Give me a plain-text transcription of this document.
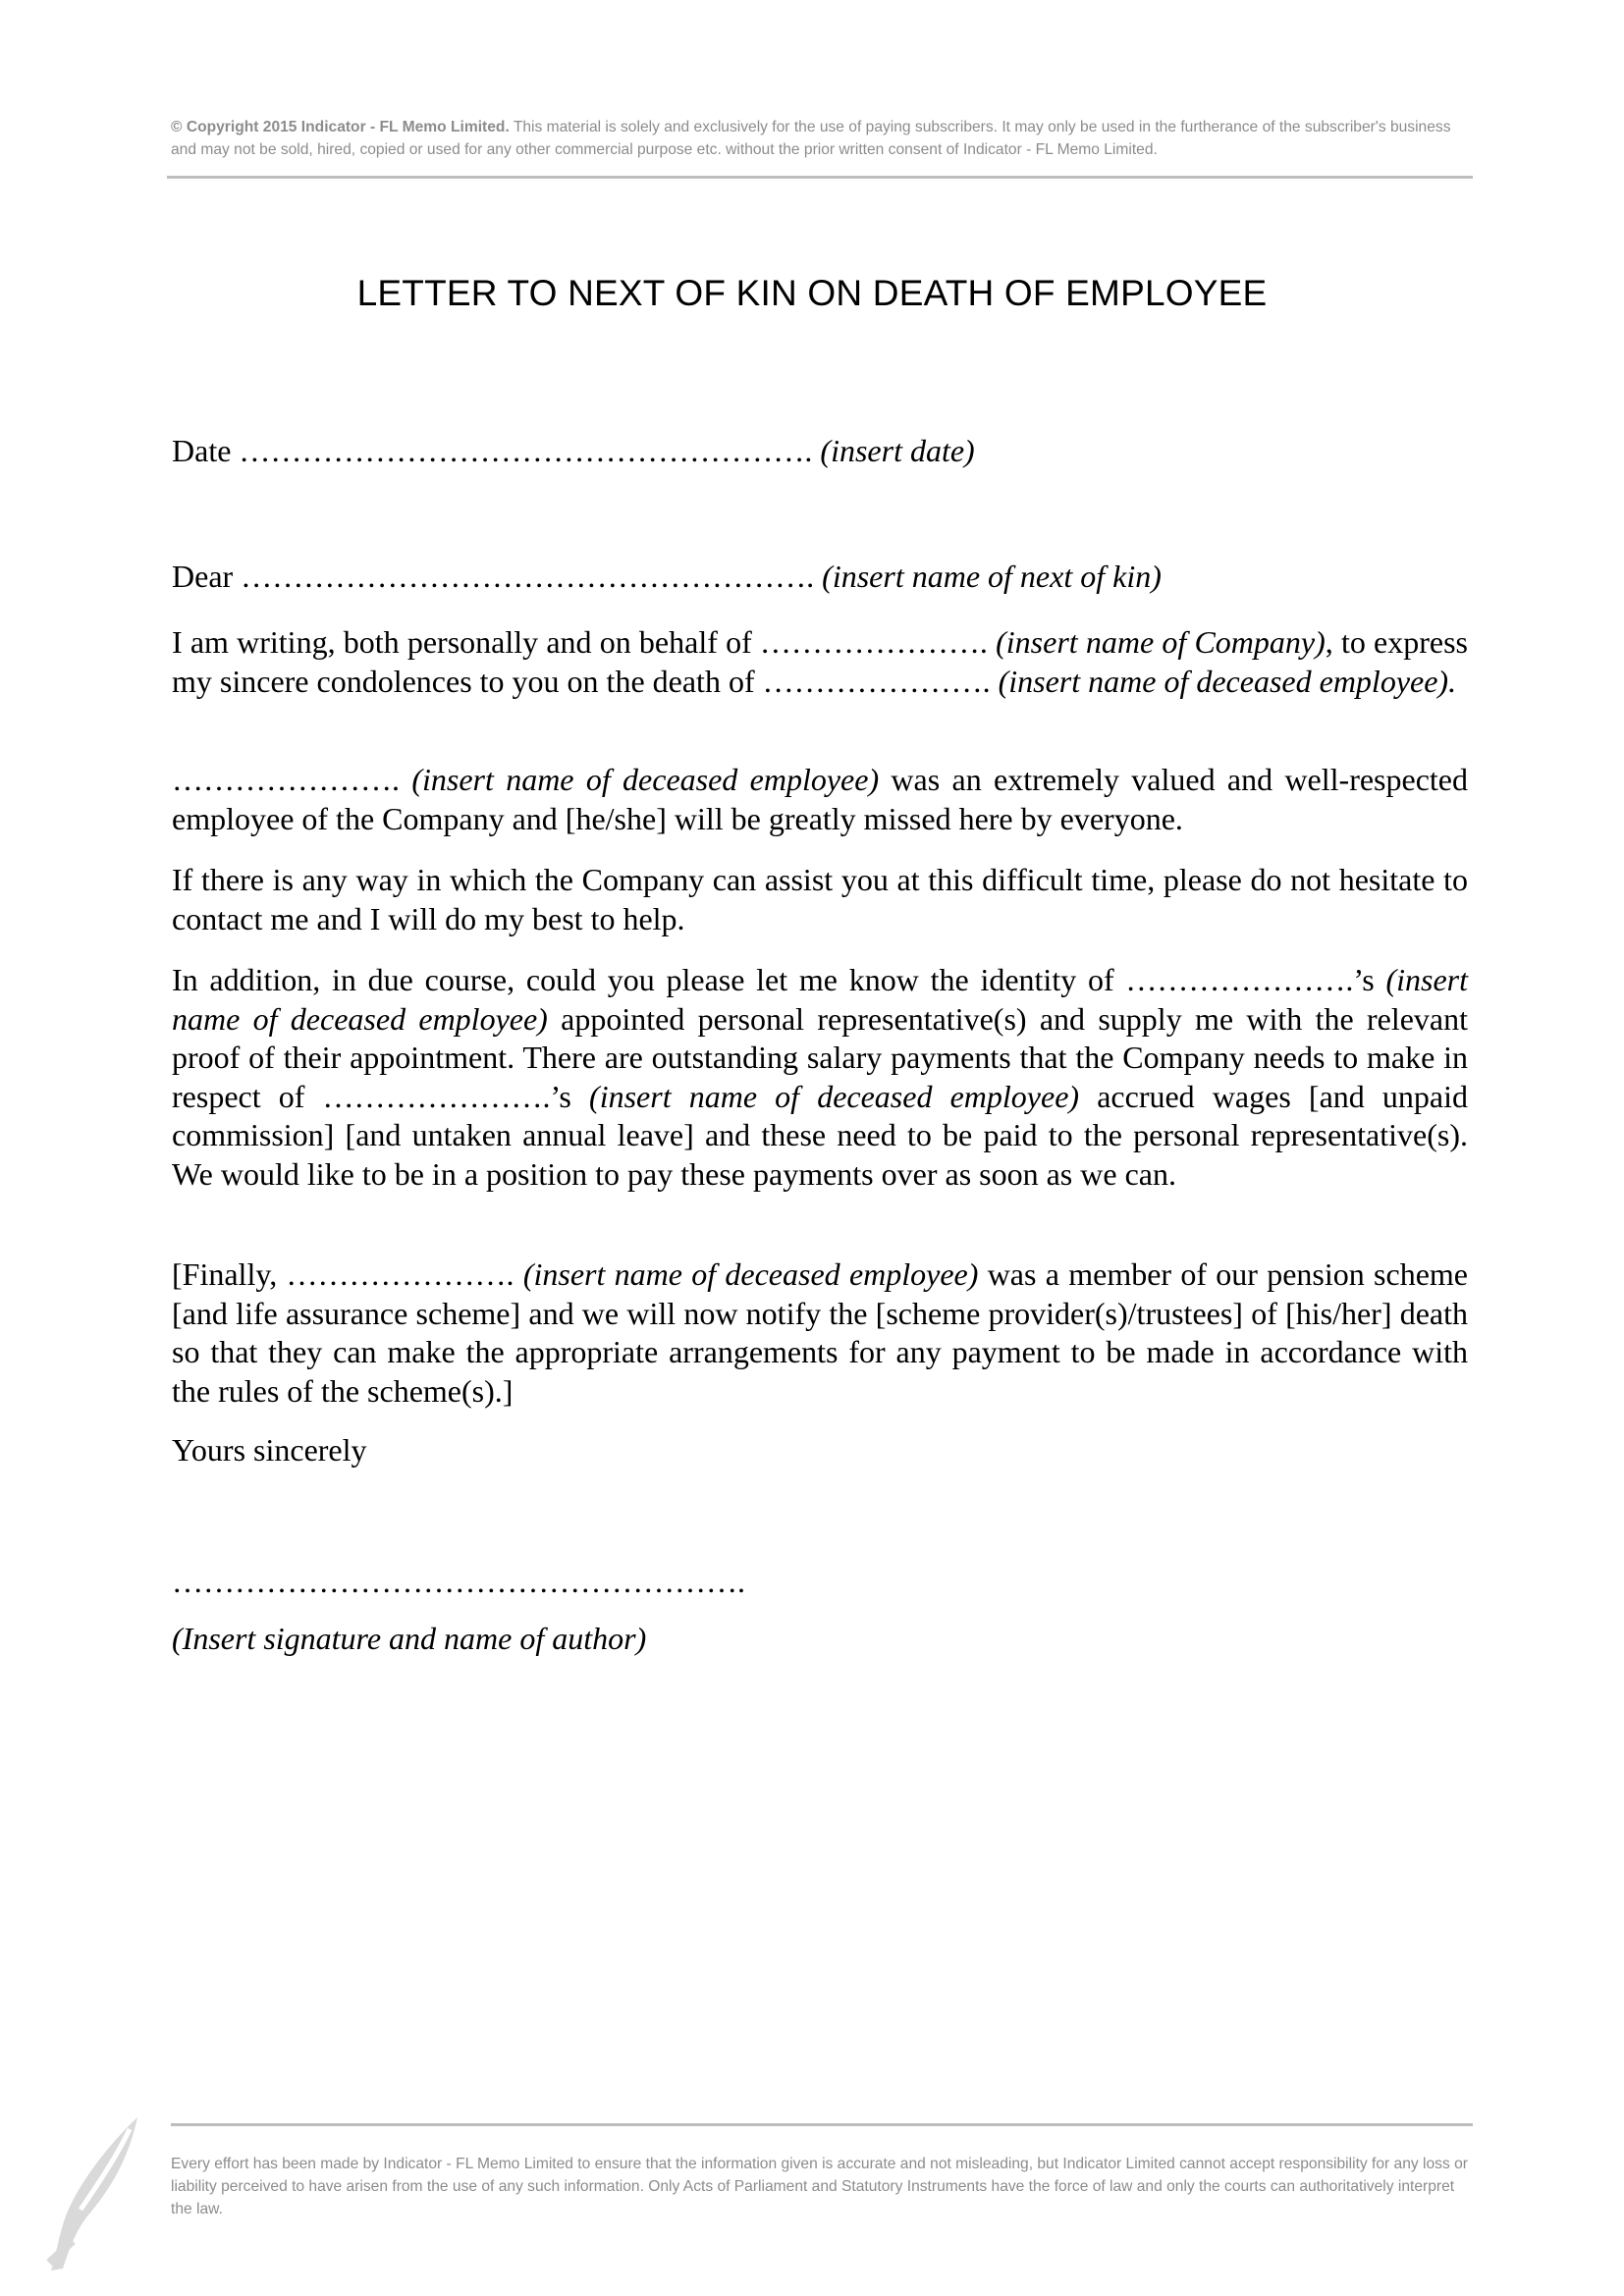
© Copyright 2015 Indicator - FL Memo Limited. This material is solely and exclusively for the use of paying subscribers. It may only be used in the furtherance of the subscriber's business and may not be sold, hired, copied or used for any other commercial purpose etc. without the prior written consent of Indicator - FL Memo Limited.
LETTER TO NEXT OF KIN ON DEATH OF EMPLOYEE
Date ………………………………………………. (insert date)
Dear ………………………………………………. (insert name of next of kin)

I am writing, both personally and on behalf of …………………. (insert name of Company), to express my sincere condolences to you on the death of …………………. (insert name of deceased employee).

…………………. (insert name of deceased employee) was an extremely valued and well-respected employee of the Company and [he/she] will be greatly missed here by everyone.

If there is any way in which the Company can assist you at this difficult time, please do not hesitate to contact me and I will do my best to help.

In addition, in due course, could you please let me know the identity of ………………….’s (insert name of deceased employee) appointed personal representative(s) and supply me with the relevant proof of their appointment. There are outstanding salary payments that the Company needs to make in respect of ………………….’s (insert name of deceased employee) accrued wages [and unpaid commission] [and untaken annual leave] and these need to be paid to the personal representative(s). We would like to be in a position to pay these payments over as soon as we can.

[Finally, …………………. (insert name of deceased employee) was a member of our pension scheme [and life assurance scheme] and we will now notify the [scheme provider(s)/trustees] of [his/her] death so that they can make the appropriate arrangements for any payment to be made in accordance with the rules of the scheme(s).]

Yours sincerely
……………………………………………….
(Insert signature and name of author)
Every effort has been made by Indicator - FL Memo Limited to ensure that the information given is accurate and not misleading, but Indicator Limited cannot accept responsibility for any loss or liability perceived to have arisen from the use of any such information. Only Acts of Parliament and Statutory Instruments have the force of law and only the courts can authoritatively interpret the law.
